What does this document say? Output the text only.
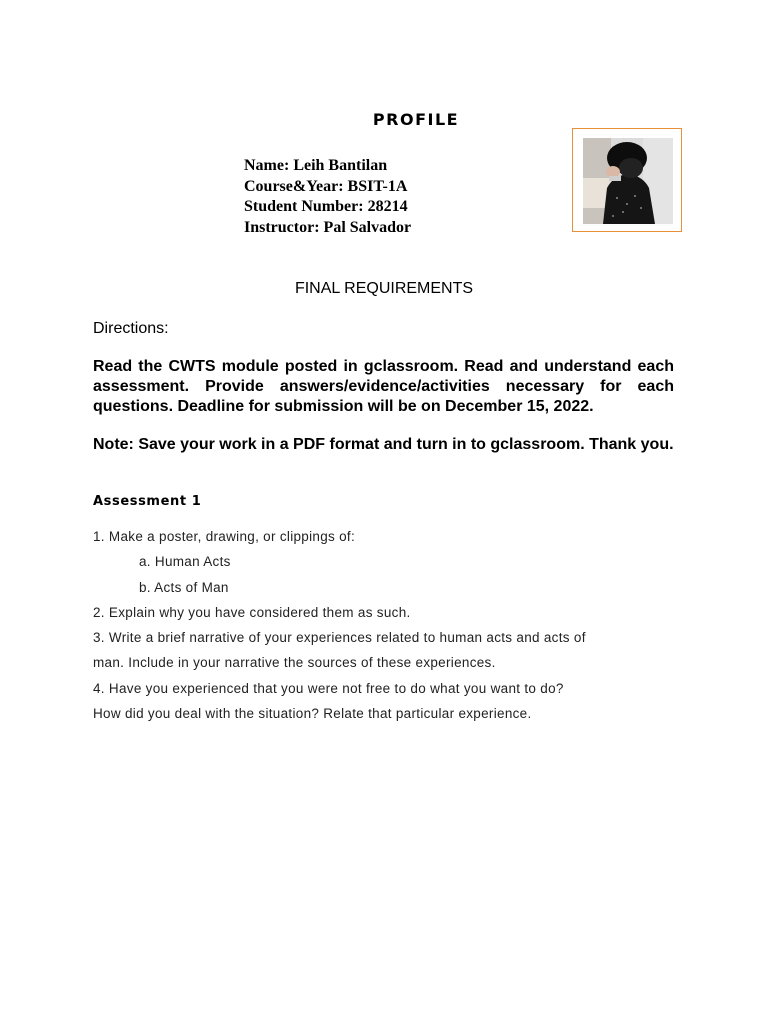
PROFILE
Name: Leih Bantilan
Course&Year: BSIT-1A
Student Number: 28214
Instructor: Pal Salvador
FINAL REQUIREMENTS
Directions:
Read the CWTS module posted in gclassroom. Read and understand each assessment. Provide answers/evidence/activities necessary for each questions. Deadline for submission will be on December 15, 2022.
Note: Save your work in a PDF format and turn in to gclassroom. Thank you.
Assessment 1
1. Make a poster, drawing, or clippings of:
a. Human Acts
b. Acts of Man
2. Explain why you have considered them as such.
3. Write a brief narrative of your experiences related to human acts and acts of
man. Include in your narrative the sources of these experiences.
4. Have you experienced that you were not free to do what you want to do?
How did you deal with the situation? Relate that particular experience.
